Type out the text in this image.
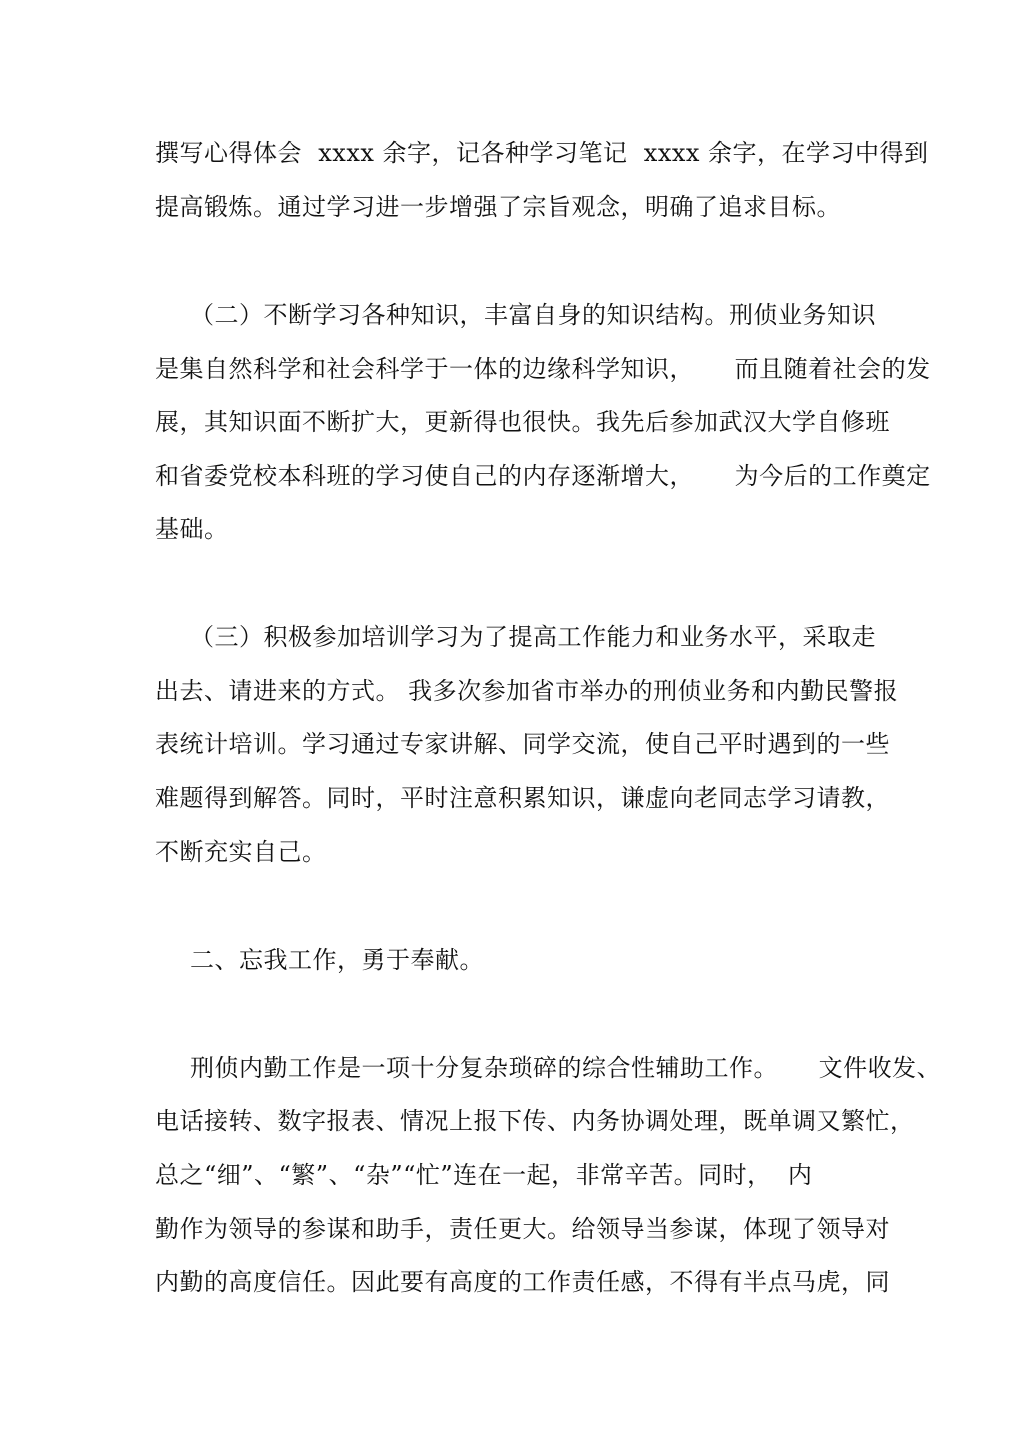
撰写心得体会  xxxx 余字，记各种学习笔记  xxxx 余字，在学习中得到
提高锻炼。通过学习进一步增强了宗旨观念，明确了追求目标。
（二）不断学习各种知识，丰富自身的知识结构。刑侦业务知识
是集自然科学和社会科学于一体的边缘科学知识，     而且随着社会的发
展，其知识面不断扩大，更新得也很快。我先后参加武汉大学自修班
和省委党校本科班的学习使自己的内存逐渐增大，     为今后的工作奠定
基础。
（三）积极参加培训学习为了提高工作能力和业务水平，采取走
出去、请进来的方式。 我多次参加省市举办的刑侦业务和内勤民警报
表统计培训。学习通过专家讲解、同学交流，使自己平时遇到的一些
难题得到解答。同时，平时注意积累知识，谦虚向老同志学习请教，
不断充实自己。
二、忘我工作，勇于奉献。
刑侦内勤工作是一项十分复杂琐碎的综合性辅助工作。     文件收发、
电话接转、数字报表、情况上报下传、内务协调处理，既单调又繁忙，
总之“细”、“繁”、“杂”“忙”连在一起，非常辛苦。同时，  内
勤作为领导的参谋和助手，责任更大。给领导当参谋，体现了领导对
内勤的高度信任。因此要有高度的工作责任感，不得有半点马虎，同
